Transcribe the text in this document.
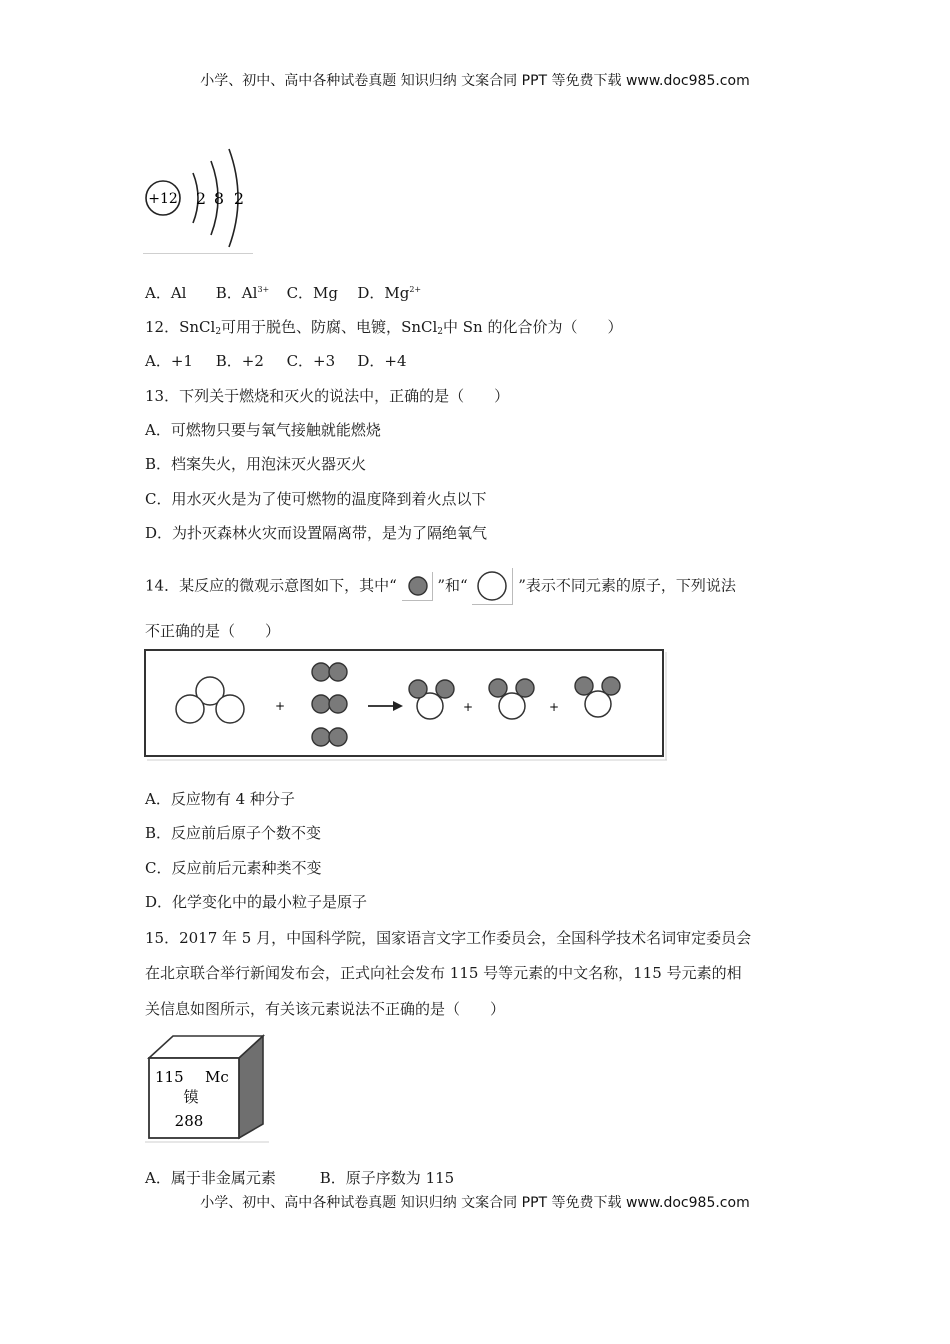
小学、初中、高中各种试卷真题 知识归纳 文案合同 PPT 等免费下载 www.doc985.com
+12 2 8 2
A．Al B．$Al^{3+}$ C．Mg D．$Mg^{2+}$
12．SnCl$_2$可用于脱色、防腐、电镀，SnCl$_2$中 Sn 的化合价为（　　）
A．+1 B．+2 C．+3 D．+4
13．下列关于燃烧和灭火的说法中，正确的是（　　）
A．可燃物只要与氧气接触就能燃烧
B．档案失火，用泡沫灭火器灭火
C．用水灭火是为了使可燃物的温度降到着火点以下
D．为扑灭森林火灾而设置隔离带，是为了隔绝氧气
14．某反应的微观示意图如下，其中“	”和“	”表示不同元素的原子，下列说法
不正确的是（　　）
+	+	+
A．反应物有 4 种分子
B．反应前后原子个数不变
C．反应前后元素种类不变
D．化学变化中的最小粒子是原子
15．2017 年 5 月，中国科学院，国家语言文字工作委员会，全国科学技术名词审定委员会
在北京联合举行新闻发布会，正式向社会发布 115 号等元素的中文名称，115 号元素的相
关信息如图所示，有关该元素说法不正确的是（　　）
115 Mc
镆
288
A．属于非金属元素	B．原子序数为 115
小学、初中、高中各种试卷真题 知识归纳 文案合同 PPT 等免费下载 www.doc985.com
